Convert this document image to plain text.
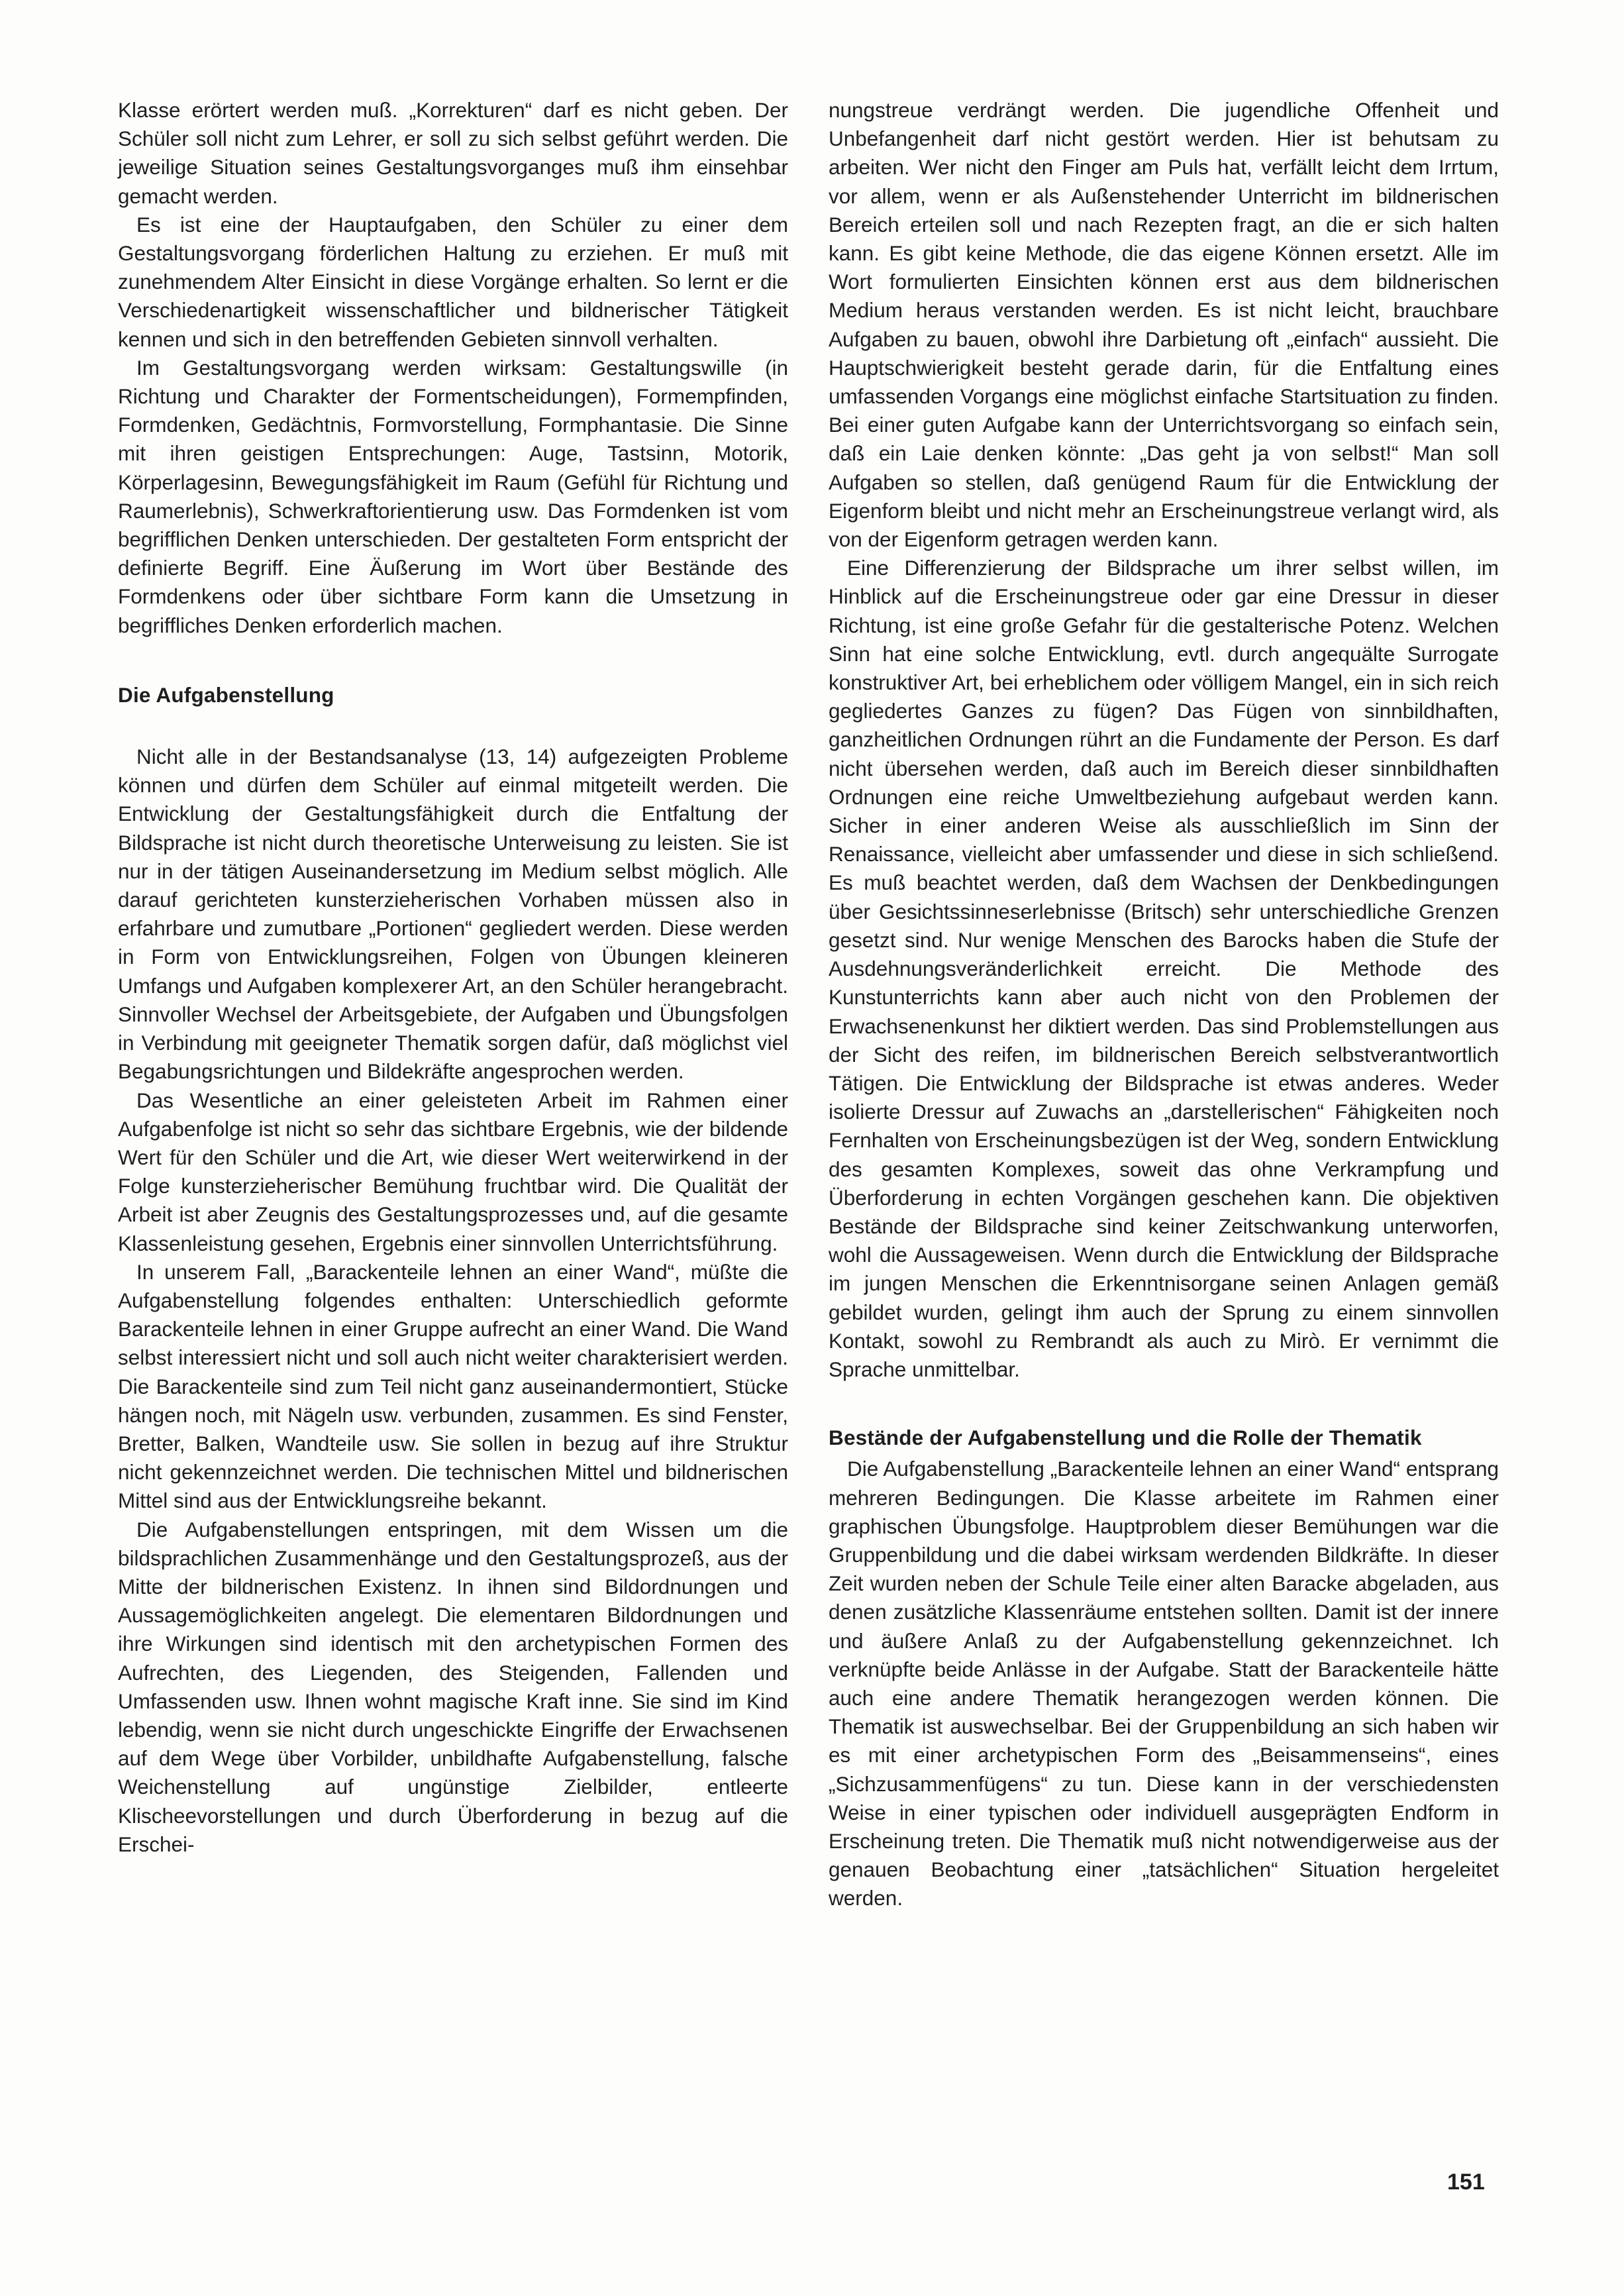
Klasse erörtert werden muß. „Korrekturen“ darf es nicht geben. Der Schüler soll nicht zum Lehrer, er soll zu sich selbst geführt werden. Die jeweilige Situation seines Gestaltungsvorganges muß ihm einsehbar gemacht werden.

Es ist eine der Hauptaufgaben, den Schüler zu einer dem Gestaltungsvorgang förderlichen Haltung zu erziehen. Er muß mit zunehmendem Alter Einsicht in diese Vorgänge erhalten. So lernt er die Verschiedenartigkeit wissenschaftlicher und bildnerischer Tätigkeit kennen und sich in den betreffenden Gebieten sinnvoll verhalten.

Im Gestaltungsvorgang werden wirksam: Gestaltungswille (in Richtung und Charakter der Formentscheidungen), Formempfinden, Formdenken, Gedächtnis, Formvorstellung, Formphantasie. Die Sinne mit ihren geistigen Entsprechungen: Auge, Tastsinn, Motorik, Körperlagesinn, Bewegungsfähigkeit im Raum (Gefühl für Richtung und Raumerlebnis), Schwerkraftorientierung usw. Das Formdenken ist vom begrifflichen Denken unterschieden. Der gestalteten Form entspricht der definierte Begriff. Eine Äußerung im Wort über Bestände des Formdenkens oder über sichtbare Form kann die Umsetzung in begriffliches Denken erforderlich machen.

Die Aufgabenstellung

Nicht alle in der Bestandsanalyse (13, 14) aufgezeigten Probleme können und dürfen dem Schüler auf einmal mitgeteilt werden. Die Entwicklung der Gestaltungsfähigkeit durch die Entfaltung der Bildsprache ist nicht durch theoretische Unterweisung zu leisten. Sie ist nur in der tätigen Auseinandersetzung im Medium selbst möglich. Alle darauf gerichteten kunsterzieherischen Vorhaben müssen also in erfahrbare und zumutbare „Portionen“ gegliedert werden. Diese werden in Form von Entwicklungsreihen, Folgen von Übungen kleineren Umfangs und Aufgaben komplexerer Art, an den Schüler herangebracht. Sinnvoller Wechsel der Arbeitsgebiete, der Aufgaben und Übungsfolgen in Verbindung mit geeigneter Thematik sorgen dafür, daß möglichst viel Begabungsrichtungen und Bildekräfte angesprochen werden.

Das Wesentliche an einer geleisteten Arbeit im Rahmen einer Aufgabenfolge ist nicht so sehr das sichtbare Ergebnis, wie der bildende Wert für den Schüler und die Art, wie dieser Wert weiterwirkend in der Folge kunsterzieherischer Bemühung fruchtbar wird. Die Qualität der Arbeit ist aber Zeugnis des Gestaltungsprozesses und, auf die gesamte Klassenleistung gesehen, Ergebnis einer sinnvollen Unterrichtsführung.

In unserem Fall, „Barackenteile lehnen an einer Wand“, müßte die Aufgabenstellung folgendes enthalten: Unterschiedlich geformte Barackenteile lehnen in einer Gruppe aufrecht an einer Wand. Die Wand selbst interessiert nicht und soll auch nicht weiter charakterisiert werden. Die Barackenteile sind zum Teil nicht ganz auseinandermontiert, Stücke hängen noch, mit Nägeln usw. verbunden, zusammen. Es sind Fenster, Bretter, Balken, Wandteile usw. Sie sollen in bezug auf ihre Struktur nicht gekennzeichnet werden. Die technischen Mittel und bildnerischen Mittel sind aus der Entwicklungsreihe bekannt.

Die Aufgabenstellungen entspringen, mit dem Wissen um die bildsprachlichen Zusammenhänge und den Gestaltungsprozeß, aus der Mitte der bildnerischen Existenz. In ihnen sind Bildordnungen und Aussagemöglichkeiten angelegt. Die elementaren Bildordnungen und ihre Wirkungen sind identisch mit den archetypischen Formen des Aufrechten, des Liegenden, des Steigenden, Fallenden und Umfassenden usw. Ihnen wohnt magische Kraft inne. Sie sind im Kind lebendig, wenn sie nicht durch ungeschickte Eingriffe der Erwachsenen auf dem Wege über Vorbilder, unbildhafte Aufgabenstellung, falsche Weichenstellung auf ungünstige Zielbilder, entleerte Klischeevorstellungen und durch Überforderung in bezug auf die Erschei-

nungstreue verdrängt werden. Die jugendliche Offenheit und Unbefangenheit darf nicht gestört werden. Hier ist behutsam zu arbeiten. Wer nicht den Finger am Puls hat, verfällt leicht dem Irrtum, vor allem, wenn er als Außenstehender Unterricht im bildnerischen Bereich erteilen soll und nach Rezepten fragt, an die er sich halten kann. Es gibt keine Methode, die das eigene Können ersetzt. Alle im Wort formulierten Einsichten können erst aus dem bildnerischen Medium heraus verstanden werden. Es ist nicht leicht, brauchbare Aufgaben zu bauen, obwohl ihre Darbietung oft „einfach“ aussieht. Die Hauptschwierigkeit besteht gerade darin, für die Entfaltung eines umfassenden Vorgangs eine möglichst einfache Startsituation zu finden. Bei einer guten Aufgabe kann der Unterrichtsvorgang so einfach sein, daß ein Laie denken könnte: „Das geht ja von selbst!“ Man soll Aufgaben so stellen, daß genügend Raum für die Entwicklung der Eigenform bleibt und nicht mehr an Erscheinungstreue verlangt wird, als von der Eigenform getragen werden kann.

Eine Differenzierung der Bildsprache um ihrer selbst willen, im Hinblick auf die Erscheinungstreue oder gar eine Dressur in dieser Richtung, ist eine große Gefahr für die gestalterische Potenz. Welchen Sinn hat eine solche Entwicklung, evtl. durch angequälte Surrogate konstruktiver Art, bei erheblichem oder völligem Mangel, ein in sich reich gegliedertes Ganzes zu fügen? Das Fügen von sinnbildhaften, ganzheitlichen Ordnungen rührt an die Fundamente der Person. Es darf nicht übersehen werden, daß auch im Bereich dieser sinnbildhaften Ordnungen eine reiche Umweltbeziehung aufgebaut werden kann. Sicher in einer anderen Weise als ausschließlich im Sinn der Renaissance, vielleicht aber umfassender und diese in sich schließend. Es muß beachtet werden, daß dem Wachsen der Denkbedingungen über Gesichtssinneserlebnisse (Britsch) sehr unterschiedliche Grenzen gesetzt sind. Nur wenige Menschen des Barocks haben die Stufe der Ausdehnungsveränderlichkeit erreicht. Die Methode des Kunstunterrichts kann aber auch nicht von den Problemen der Erwachsenenkunst her diktiert werden. Das sind Problemstellungen aus der Sicht des reifen, im bildnerischen Bereich selbstverantwortlich Tätigen. Die Entwicklung der Bildsprache ist etwas anderes. Weder isolierte Dressur auf Zuwachs an „darstellerischen“ Fähigkeiten noch Fernhalten von Erscheinungsbezügen ist der Weg, sondern Entwicklung des gesamten Komplexes, soweit das ohne Verkrampfung und Überforderung in echten Vorgängen geschehen kann. Die objektiven Bestände der Bildsprache sind keiner Zeitschwankung unterworfen, wohl die Aussageweisen. Wenn durch die Entwicklung der Bildsprache im jungen Menschen die Erkenntnisorgane seinen Anlagen gemäß gebildet wurden, gelingt ihm auch der Sprung zu einem sinnvollen Kontakt, sowohl zu Rembrandt als auch zu Mirò. Er vernimmt die Sprache unmittelbar.

Bestände der Aufgabenstellung und die Rolle der Thematik

Die Aufgabenstellung „Barackenteile lehnen an einer Wand“ entsprang mehreren Bedingungen. Die Klasse arbeitete im Rahmen einer graphischen Übungsfolge. Hauptproblem dieser Bemühungen war die Gruppenbildung und die dabei wirksam werdenden Bildkräfte. In dieser Zeit wurden neben der Schule Teile einer alten Baracke abgeladen, aus denen zusätzliche Klassenräume entstehen sollten. Damit ist der innere und äußere Anlaß zu der Aufgabenstellung gekennzeichnet. Ich verknüpfte beide Anlässe in der Aufgabe. Statt der Barackenteile hätte auch eine andere Thematik herangezogen werden können. Die Thematik ist auswechselbar. Bei der Gruppenbildung an sich haben wir es mit einer archetypischen Form des „Beisammenseins“, eines „Sichzusammenfügens“ zu tun. Diese kann in der verschiedensten Weise in einer typischen oder individuell ausgeprägten Endform in Erscheinung treten. Die Thematik muß nicht notwendigerweise aus der genauen Beobachtung einer „tatsächlichen“ Situation hergeleitet werden.

151
